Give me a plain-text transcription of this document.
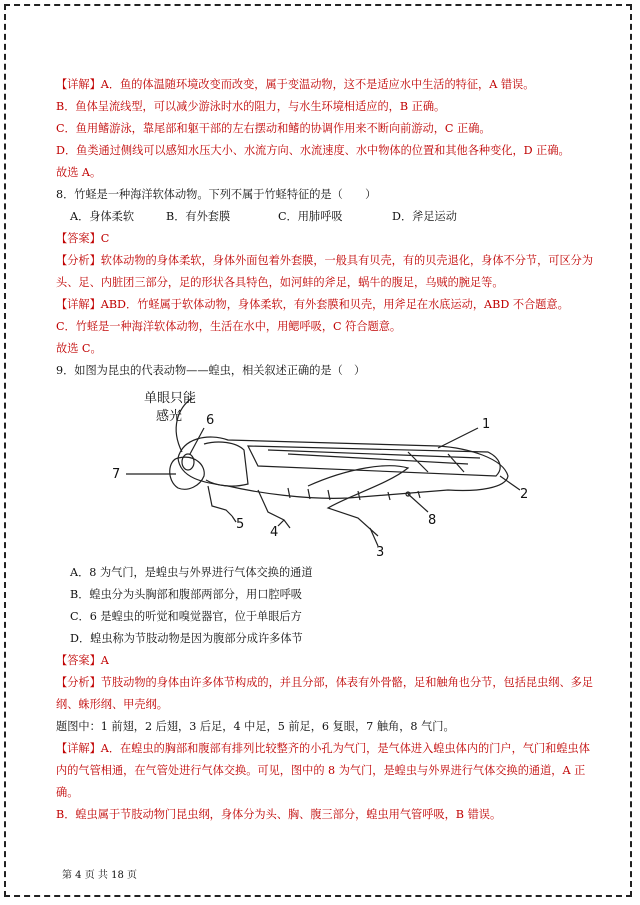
【详解】A．鱼的体温随环境改变而改变，属于变温动物，这不是适应水中生活的特征，A 错误。
B．鱼体呈流线型，可以减少游泳时水的阻力，与水生环境相适应的，B 正确。
C．鱼用鳍游泳，靠尾部和躯干部的左右摆动和鳍的协调作用来不断向前游动，C 正确。
D．鱼类通过侧线可以感知水压大小、水流方向、水流速度、水中物体的位置和其他各种变化，D 正确。
故选 A。
8．竹蛏是一种海洋软体动物。下列不属于竹蛏特征的是（　　）
A．身体柔软	B．有外套膜	C．用肺呼吸	D．斧足运动
【答案】C
【分析】软体动物的身体柔软，身体外面包着外套膜，一般具有贝壳，有的贝壳退化，身体不分节，可区分为头、足、内脏团三部分，足的形状各具特色，如河蚌的斧足，蜗牛的腹足，乌贼的腕足等。
【详解】ABD．竹蛏属于软体动物，身体柔软，有外套膜和贝壳，用斧足在水底运动，ABD 不合题意。
C．竹蛏是一种海洋软体动物，生活在水中，用鳃呼吸，C 符合题意。
故选 C。
9．如图为昆虫的代表动物——蝗虫，相关叙述正确的是（　）
单眼只能
感光
1
2
3
4
5
6
7
8
A．8 为气门，是蝗虫与外界进行气体交换的通道
B．蝗虫分为头胸部和腹部两部分，用口腔呼吸
C．6 是蝗虫的听觉和嗅觉器官，位于单眼后方
D．蝗虫称为节肢动物是因为腹部分成许多体节
【答案】A
【分析】节肢动物的身体由许多体节构成的，并且分部，体表有外骨骼，足和触角也分节，包括昆虫纲、多足纲、蛛形纲、甲壳纲。
题图中：1 前翅，2 后翅，3 后足，4 中足，5 前足，6 复眼，7 触角，8 气门。
【详解】A．在蝗虫的胸部和腹部有排列比较整齐的小孔为气门，是气体进入蝗虫体内的门户，气门和蝗虫体内的气管相通，在气管处进行气体交换。可见，图中的 8 为气门，是蝗虫与外界进行气体交换的通道，A 正确。
B．蝗虫属于节肢动物门昆虫纲，身体分为头、胸、腹三部分，蝗虫用气管呼吸，B 错误。
第 4 页 共 18 页
